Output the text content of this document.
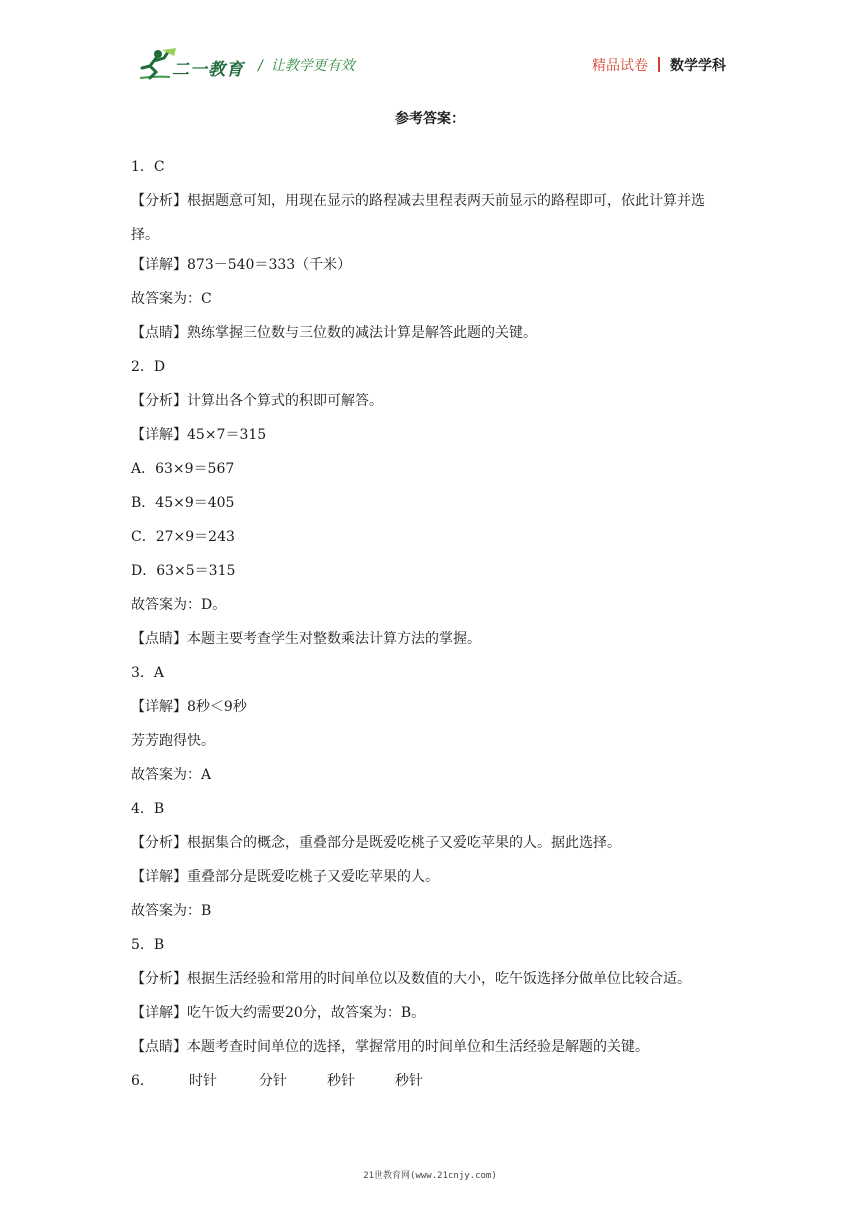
二一教育 / 让教学更有效	精品试卷 数学学科
参考答案：
1．C
【分析】根据题意可知，用现在显示的路程减去里程表两天前显示的路程即可，依此计算并选择。
【详解】873－540＝333（千米）
故答案为：C
【点睛】熟练掌握三位数与三位数的减法计算是解答此题的关键。
2．D
【分析】计算出各个算式的积即可解答。
【详解】45×7＝315
A．63×9＝567
B．45×9＝405
C．27×9＝243
D．63×5＝315
故答案为：D。
【点睛】本题主要考查学生对整数乘法计算方法的掌握。
3．A
【详解】8秒＜9秒
芳芳跑得快。
故答案为：A
4．B
【分析】根据集合的概念，重叠部分是既爱吃桃子又爱吃苹果的人。据此选择。
【详解】重叠部分是既爱吃桃子又爱吃苹果的人。
故答案为：B
5．B
【分析】根据生活经验和常用的时间单位以及数值的大小，吃午饭选择分做单位比较合适。
【详解】吃午饭大约需要20分，故答案为：B。
【点睛】本题考查时间单位的选择，掌握常用的时间单位和生活经验是解题的关键。
6．	时针	分针	秒针	秒针
21世教育网(www.21cnjy.com)
